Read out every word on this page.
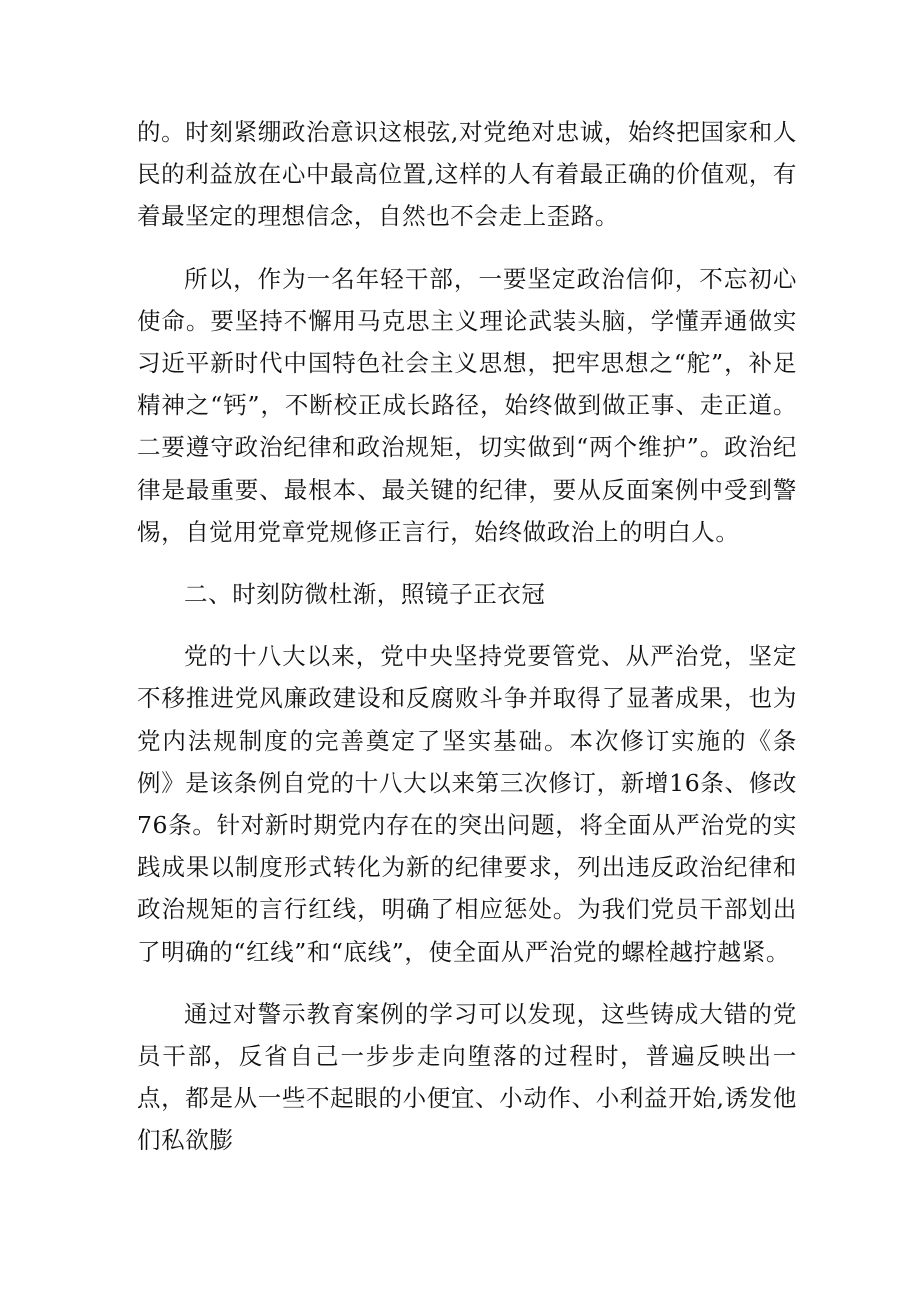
的。时刻紧绷政治意识这根弦,对党绝对忠诚，始终把国家和人民的利益放在心中最高位置,这样的人有着最正确的价值观，有着最坚定的理想信念，自然也不会走上歪路。

所以，作为一名年轻干部，一要坚定政治信仰，不忘初心使命。要坚持不懈用马克思主义理论武装头脑，学懂弄通做实习近平新时代中国特色社会主义思想，把牢思想之“舵”，补足精神之“钙”，不断校正成长路径，始终做到做正事、走正道。二要遵守政治纪律和政治规矩，切实做到“两个维护”。政治纪律是最重要、最根本、最关键的纪律，要从反面案例中受到警惕，自觉用党章党规修正言行，始终做政治上的明白人。

二、时刻防微杜渐，照镜子正衣冠

党的十八大以来，党中央坚持党要管党、从严治党，坚定不移推进党风廉政建设和反腐败斗争并取得了显著成果，也为党内法规制度的完善奠定了坚实基础。本次修订实施的《条例》是该条例自党的十八大以来第三次修订，新增16条、修改76条。针对新时期党内存在的突出问题，将全面从严治党的实践成果以制度形式转化为新的纪律要求，列出违反政治纪律和政治规矩的言行红线，明确了相应惩处。为我们党员干部划出了明确的“红线”和“底线”，使全面从严治党的螺栓越拧越紧。

通过对警示教育案例的学习可以发现，这些铸成大错的党员干部，反省自己一步步走向堕落的过程时，普遍反映出一点，都是从一些不起眼的小便宜、小动作、小利益开始,诱发他们私欲膨
